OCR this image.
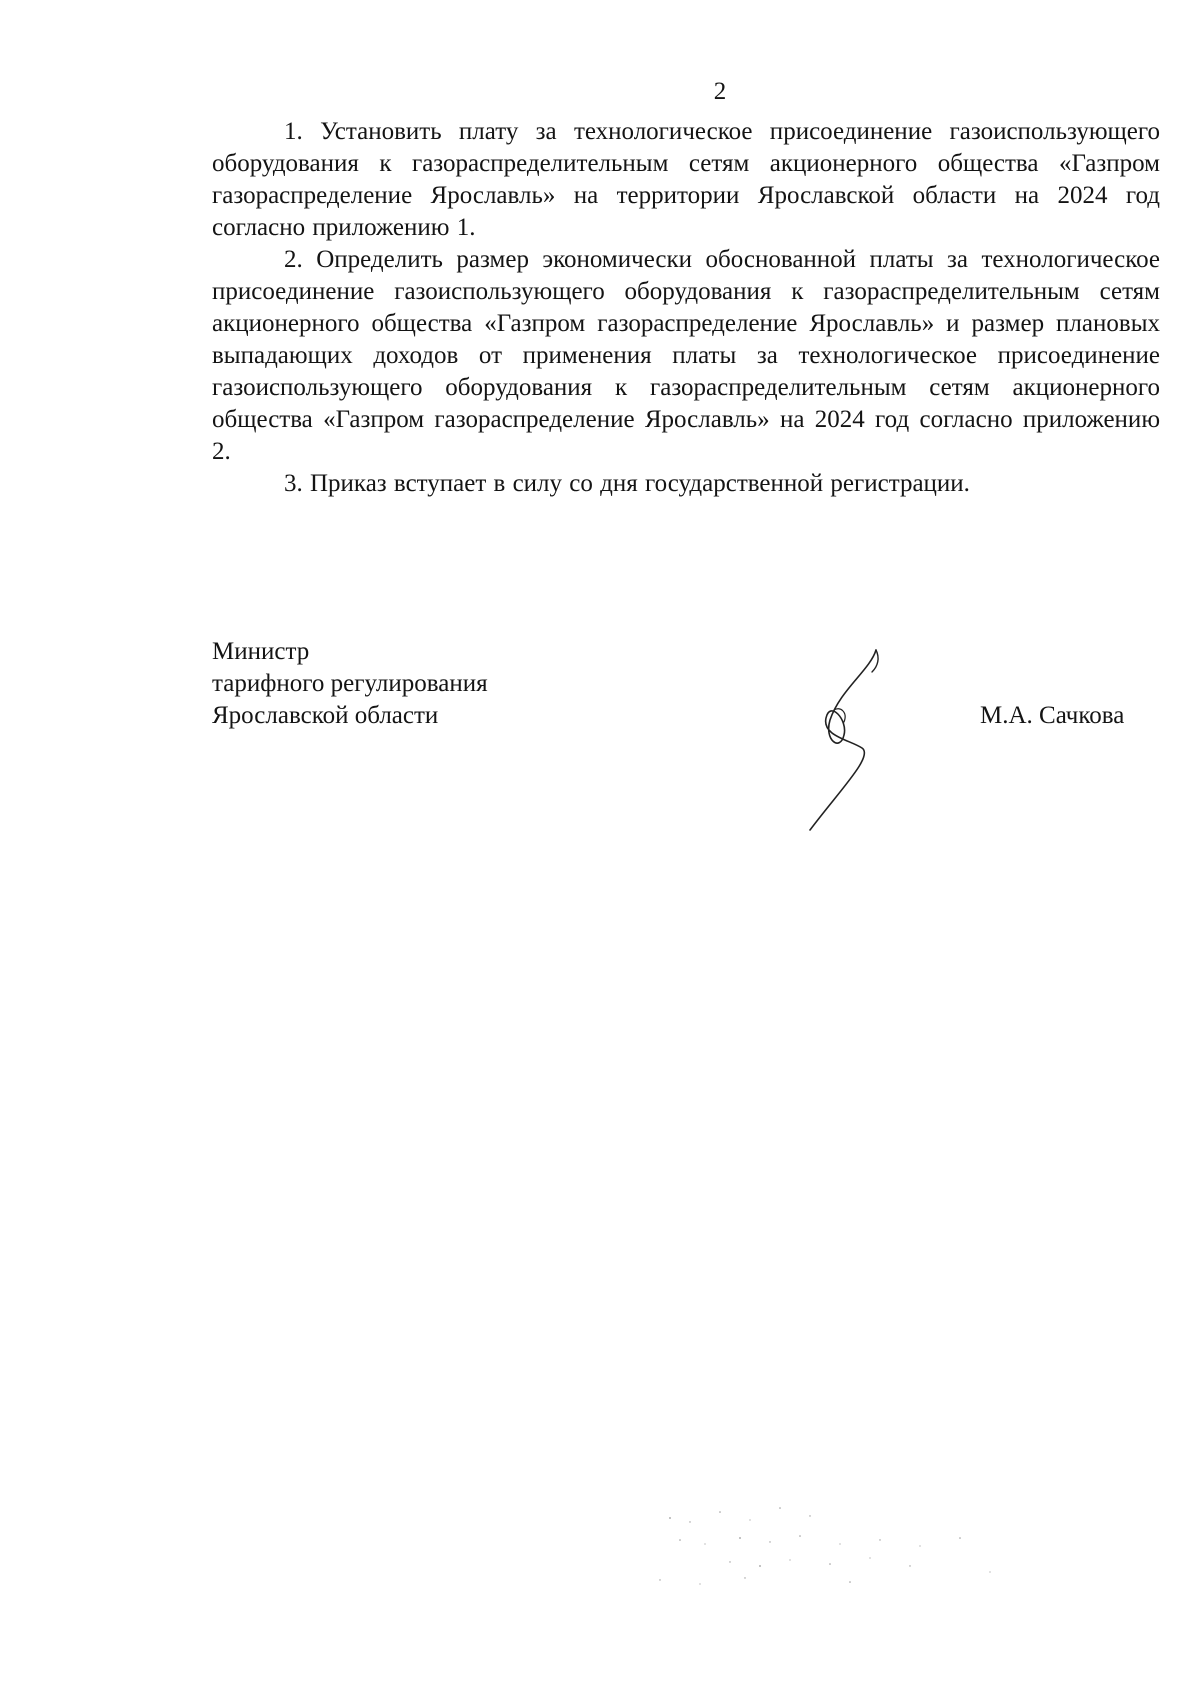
2

1. Установить плату за технологическое присоединение газоиспользующего оборудования к газораспределительным сетям акционерного общества «Газпром газораспределение Ярославль» на территории Ярославской области на 2024 год согласно приложению 1.

2. Определить размер экономически обоснованной платы за технологическое присоединение газоиспользующего оборудования к газораспределительным сетям акционерного общества «Газпром газораспределение Ярославль» и размер плановых выпадающих доходов от применения платы за технологическое присоединение газоиспользующего оборудования к газораспределительным сетям акционерного общества «Газпром газораспределение Ярославль» на 2024 год согласно приложению 2.

3. Приказ вступает в силу со дня государственной регистрации.

Министр
тарифного регулирования
Ярославской области	М.А. Сачкова
